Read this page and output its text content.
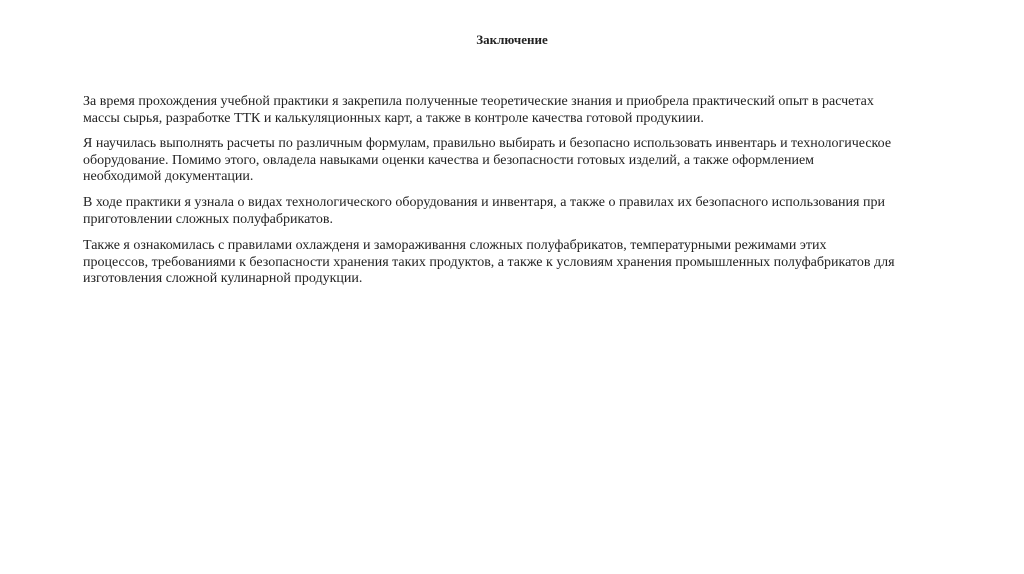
Заключение
За время прохождения учебной практики я закрепила полученные теоретические знания и приобрела практический опыт в расчетах
массы сырья, разработке ТТК и калькуляционных карт, а также в контроле качества готовой продукиии.
Я научилась выполнять расчеты по различным формулам, правильно выбирать и безопасно использовать инвентарь и технологическое
оборудование. Помимо этого, овладела навыками оценки качества и безопасности готовых изделий, а также оформлением
необходимой документации.
В ходе практики я узнала о видах технологического оборудования и инвентаря, а также о правилах их безопасного использования при
приготовлении сложных полуфабрикатов.
Также я ознакомилась с правилами охлажденя и замораживання сложных полуфабрикатов, температурными режимами этих
процессов, требованиями к безопасности хранения таких продуктов, а также к условиям хранения промышленных полуфабрикатов для
изготовления сложной кулинарной продукции.
